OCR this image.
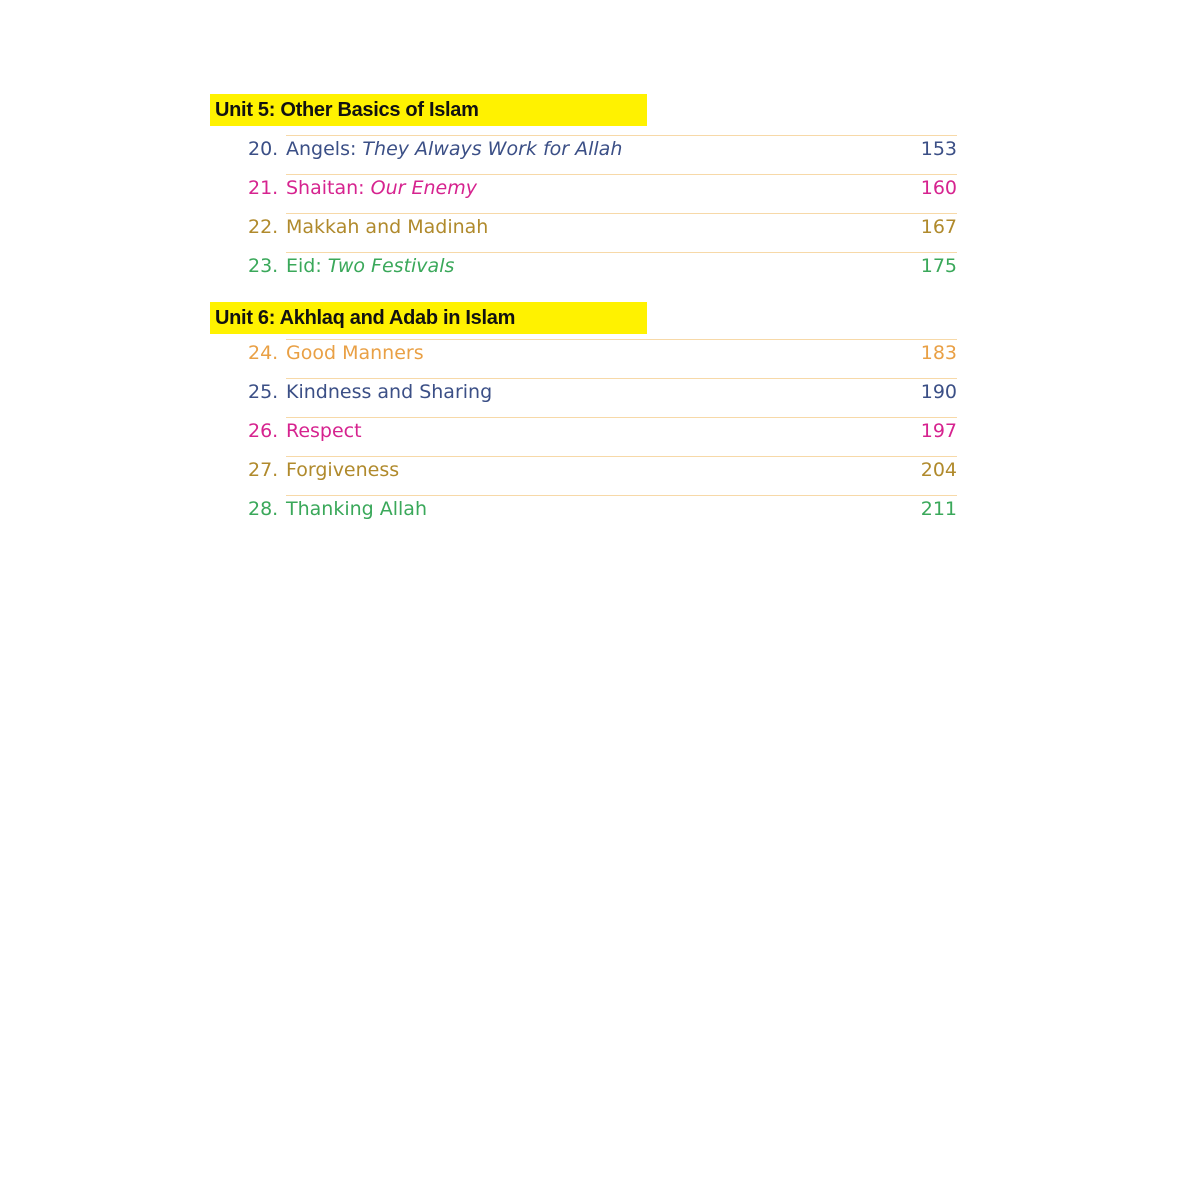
Unit 5: Other Basics of Islam
20. Angels: They Always Work for Allah	153
21. Shaitan: Our Enemy	160
22. Makkah and Madinah	167
23. Eid: Two Festivals	175
Unit 6: Akhlaq and Adab in Islam
24. Good Manners	183
25. Kindness and Sharing	190
26. Respect	197
27. Forgiveness	204
28. Thanking Allah	211
